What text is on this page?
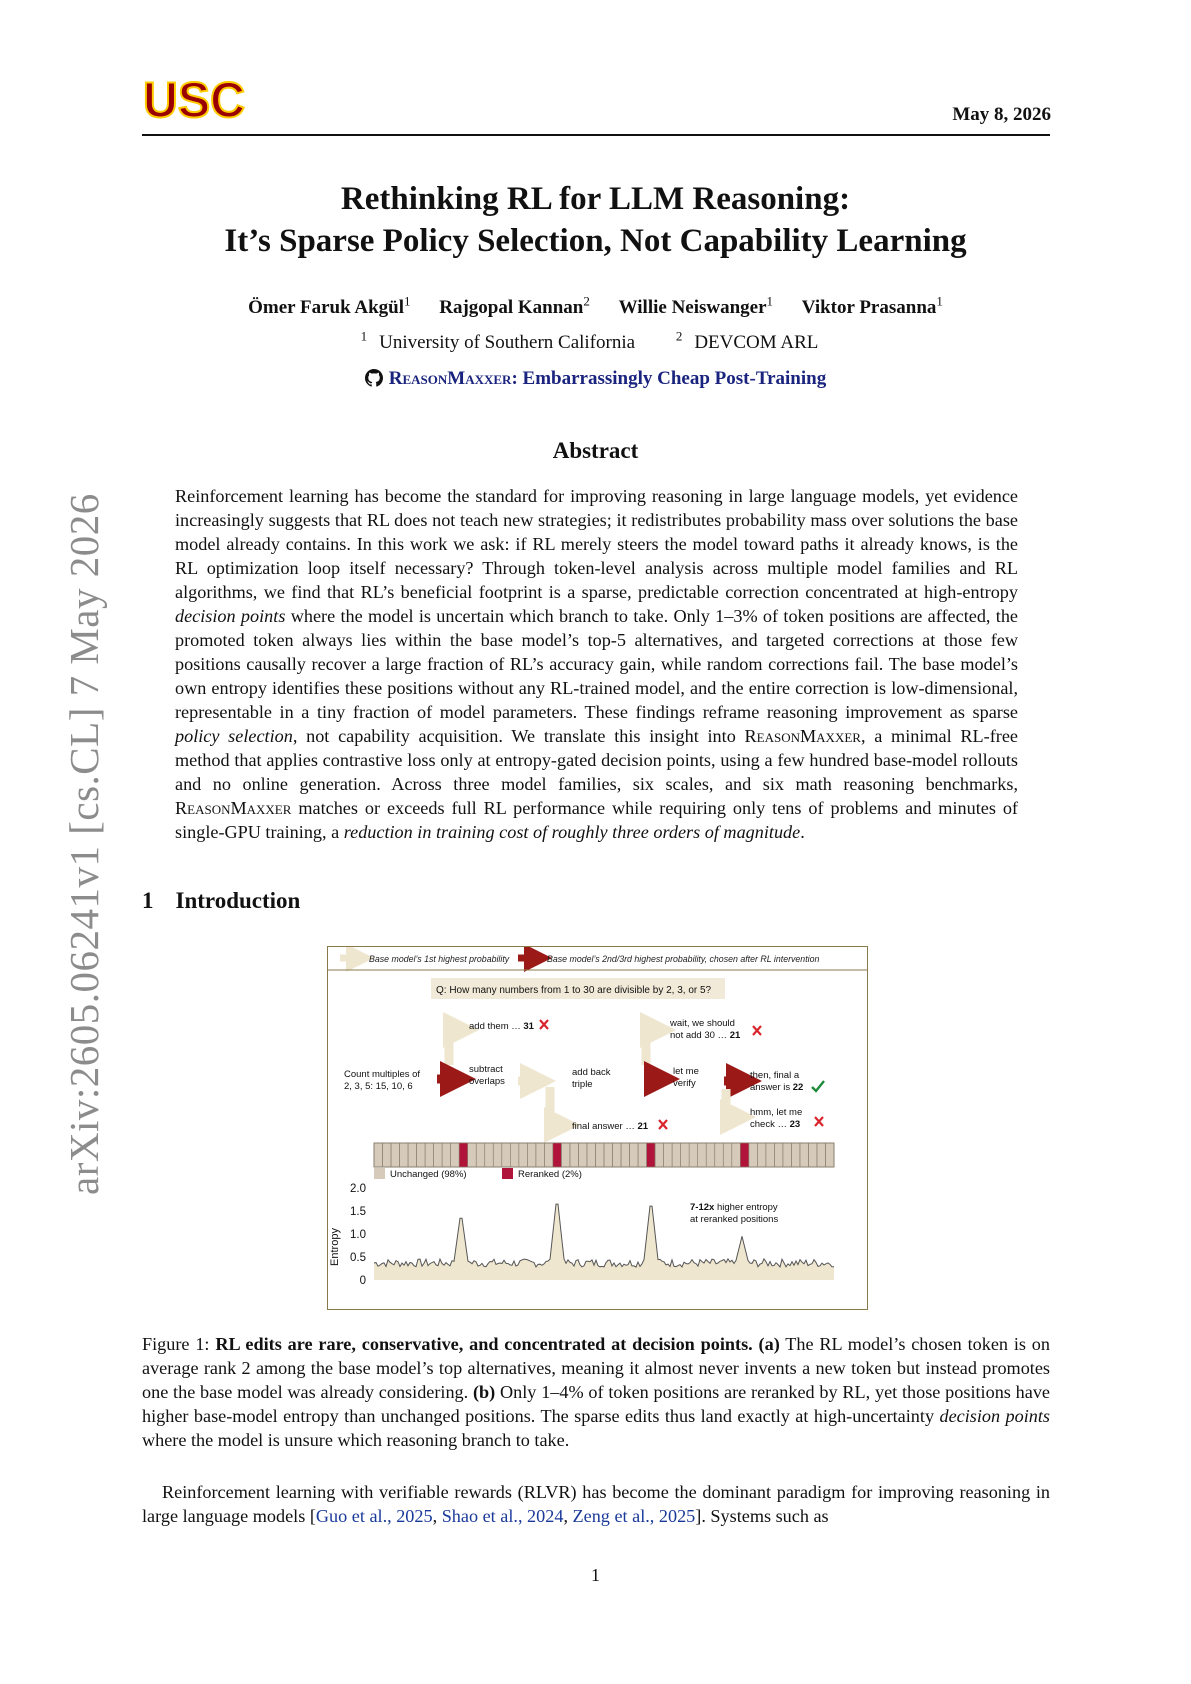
arXiv:2605.06241v1 [cs.CL] 7 May 2026
USC	May 8, 2026
Rethinking RL for LLM Reasoning:
It’s Sparse Policy Selection, Not Capability Learning
Ömer Faruk Akgül$^1$ Rajgopal Kannan$^2$ Willie Neiswanger$^1$ Viktor Prasanna$^1$
$^1$ University of Southern California	$^2$ DEVCOM ARL
ReasonMaxxer: Embarrassingly Cheap Post-Training
Abstract
Reinforcement learning has become the standard for improving reasoning in large language models, yet evidence increasingly suggests that RL does not teach new strategies; it redistributes probability mass over solutions the base model already contains. In this work we ask: if RL merely steers the model toward paths it already knows, is the RL optimization loop itself necessary? Through token-level analysis across multiple model families and RL algorithms, we find that RL’s beneficial footprint is a sparse, predictable correction concentrated at high-entropy decision points where the model is uncertain which branch to take. Only 1–3% of token positions are affected, the promoted token always lies within the base model’s top-5 alternatives, and targeted corrections at those few positions causally recover a large fraction of RL’s accuracy gain, while random corrections fail. The base model’s own entropy identifies these positions without any RL-trained model, and the entire correction is low-dimensional, representable in a tiny fraction of model parameters. These findings reframe reasoning improvement as sparse policy selection, not capability acquisition. We translate this insight into ReasonMaxxer, a minimal RL-free method that applies contrastive loss only at entropy-gated decision points, using a few hundred base-model rollouts and no online generation. Across three model families, six scales, and six math reasoning benchmarks, ReasonMaxxer matches or exceeds full RL performance while requiring only tens of problems and minutes of single-GPU training, a reduction in training cost of roughly three orders of magnitude.
1 Introduction
Base model’s 1st highest probability	Base model’s 2nd/3rd highest probability, chosen after RL intervention
Q: How many numbers from 1 to 30 are divisible by 2, 3, or 5?
Count multiples of
2, 3, 5: 15, 10, 6
add them … 31
subtract
overlaps
add back
triple
final answer … 21
wait, we should
not add 30 … 21
let me
verify
then, final a
answer is 22
hmm, let me
check … 23
Unchanged (98%)	Reranked (2%)
Entropy
2.0
1.5
1.0
0.5
0
7-12x higher entropy
at reranked positions
Figure 1: RL edits are rare, conservative, and concentrated at decision points. (a) The RL model’s chosen token is on average rank 2 among the base model’s top alternatives, meaning it almost never invents a new token but instead promotes one the base model was already considering. (b) Only 1–4% of token positions are reranked by RL, yet those positions have higher base-model entropy than unchanged positions. The sparse edits thus land exactly at high-uncertainty decision points where the model is unsure which reasoning branch to take.
Reinforcement learning with verifiable rewards (RLVR) has become the dominant paradigm for improving reasoning in large language models [Guo et al., 2025, Shao et al., 2024, Zeng et al., 2025]. Systems such as
1
